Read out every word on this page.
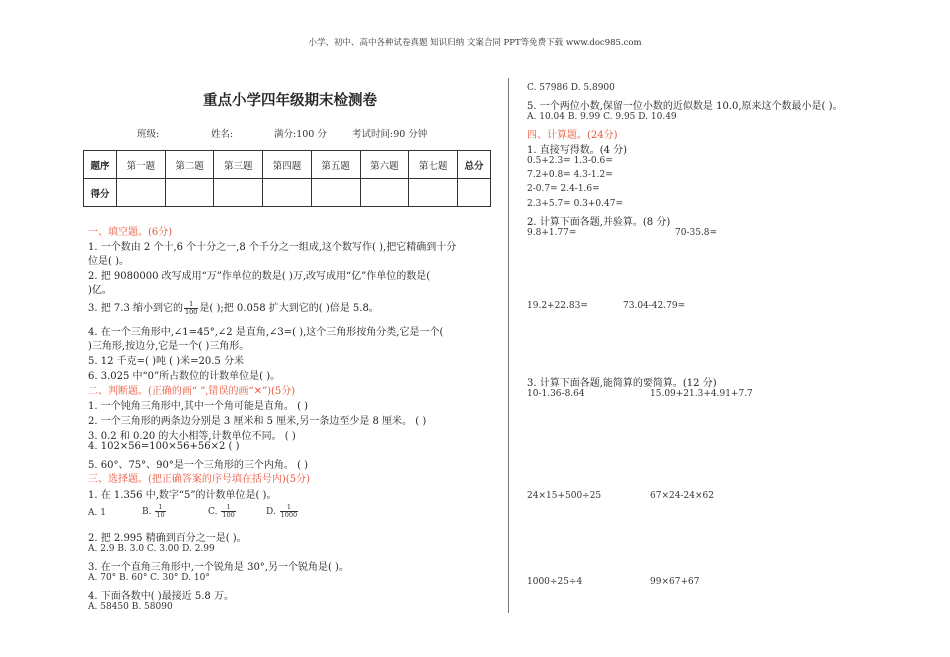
小学、初中、高中各种试卷真题 知识归纳 文案合同 PPT等免费下载 www.doc985.com
重点小学四年级期末检测卷
班级:	姓名:	满分:100 分	考试时间:90 分钟
题序	第一题	第二题	第三题	第四题	第五题	第六题	第七题	总分
得分								
一、填空题。(6分)
1. 一个数由 2 个十,6 个十分之一,8 个千分之一组成,这个数写作( ),把它精确到十分
位是( )。
2. 把 9080000 改写成用“万”作单位的数是( )万,改写成用“亿”作单位的数是(
)亿。
3. 把 7.3 缩小到它的 $\frac{1}{100}$ 是( );把 0.058 扩大到它的( )倍是 5.8。
4. 在一个三角形中,∠1=45°,∠2 是直角,∠3=( ),这个三角形按角分类,它是一个(
)三角形,按边分,它是一个( )三角形。
5. 12 千克=( )吨 ( )米=20.5 分米
6. 3.025 中“0”所占数位的计数单位是( )。
二、判断题。(正确的画“ ”,错误的画“✕”)(5分)
1. 一个钝角三角形中,其中一个角可能是直角。 ( )
2. 一个三角形的两条边分别是 3 厘米和 5 厘米,另一条边至少是 8 厘米。 ( )
3. 0.2 和 0.20 的大小相等,计数单位不同。 ( )
4. 102×56=100×56+56×2 ( )
5. 60°、75°、90°是一个三角形的三个内角。 ( )
三、选择题。(把正确答案的序号填在括号内)(5分)
1. 在 1.356 中,数字“5”的计数单位是( )。
A. 1	B. $\frac{1}{10}$	C. $\frac{1}{100}$	D. $\frac{1}{1000}$
2. 把 2.995 精确到百分之一是( )。
A. 2.9 B. 3.0 C. 3.00 D. 2.99
3. 在一个直角三角形中,一个锐角是 30°,另一个锐角是( )。
A. 70° B. 60° C. 30° D. 10°
4. 下面各数中( )最接近 5.8 万。
A. 58450 B. 58090
C. 57986 D. 5.8900
5. 一个两位小数,保留一位小数的近似数是 10.0,原来这个数最小是( )。
A. 10.04 B. 9.99 C. 9.95 D. 10.49
四、计算题。(24分)
1. 直接写得数。(4 分)
0.5+2.3= 1.3-0.6=
7.2+0.8= 4.3-1.2=
2-0.7= 2.4-1.6=
2.3+5.7= 0.3+0.47=
2. 计算下面各题,并验算。(8 分)
9.8+1.77=	70-35.8=
19.2+22.83=	73.04-42.79=
3. 计算下面各题,能简算的要简算。(12 分)
10-1.36-8.64	15.09+21.3+4.91+7.7
24×15+500÷25	67×24-24×62
1000÷25÷4	99×67+67
